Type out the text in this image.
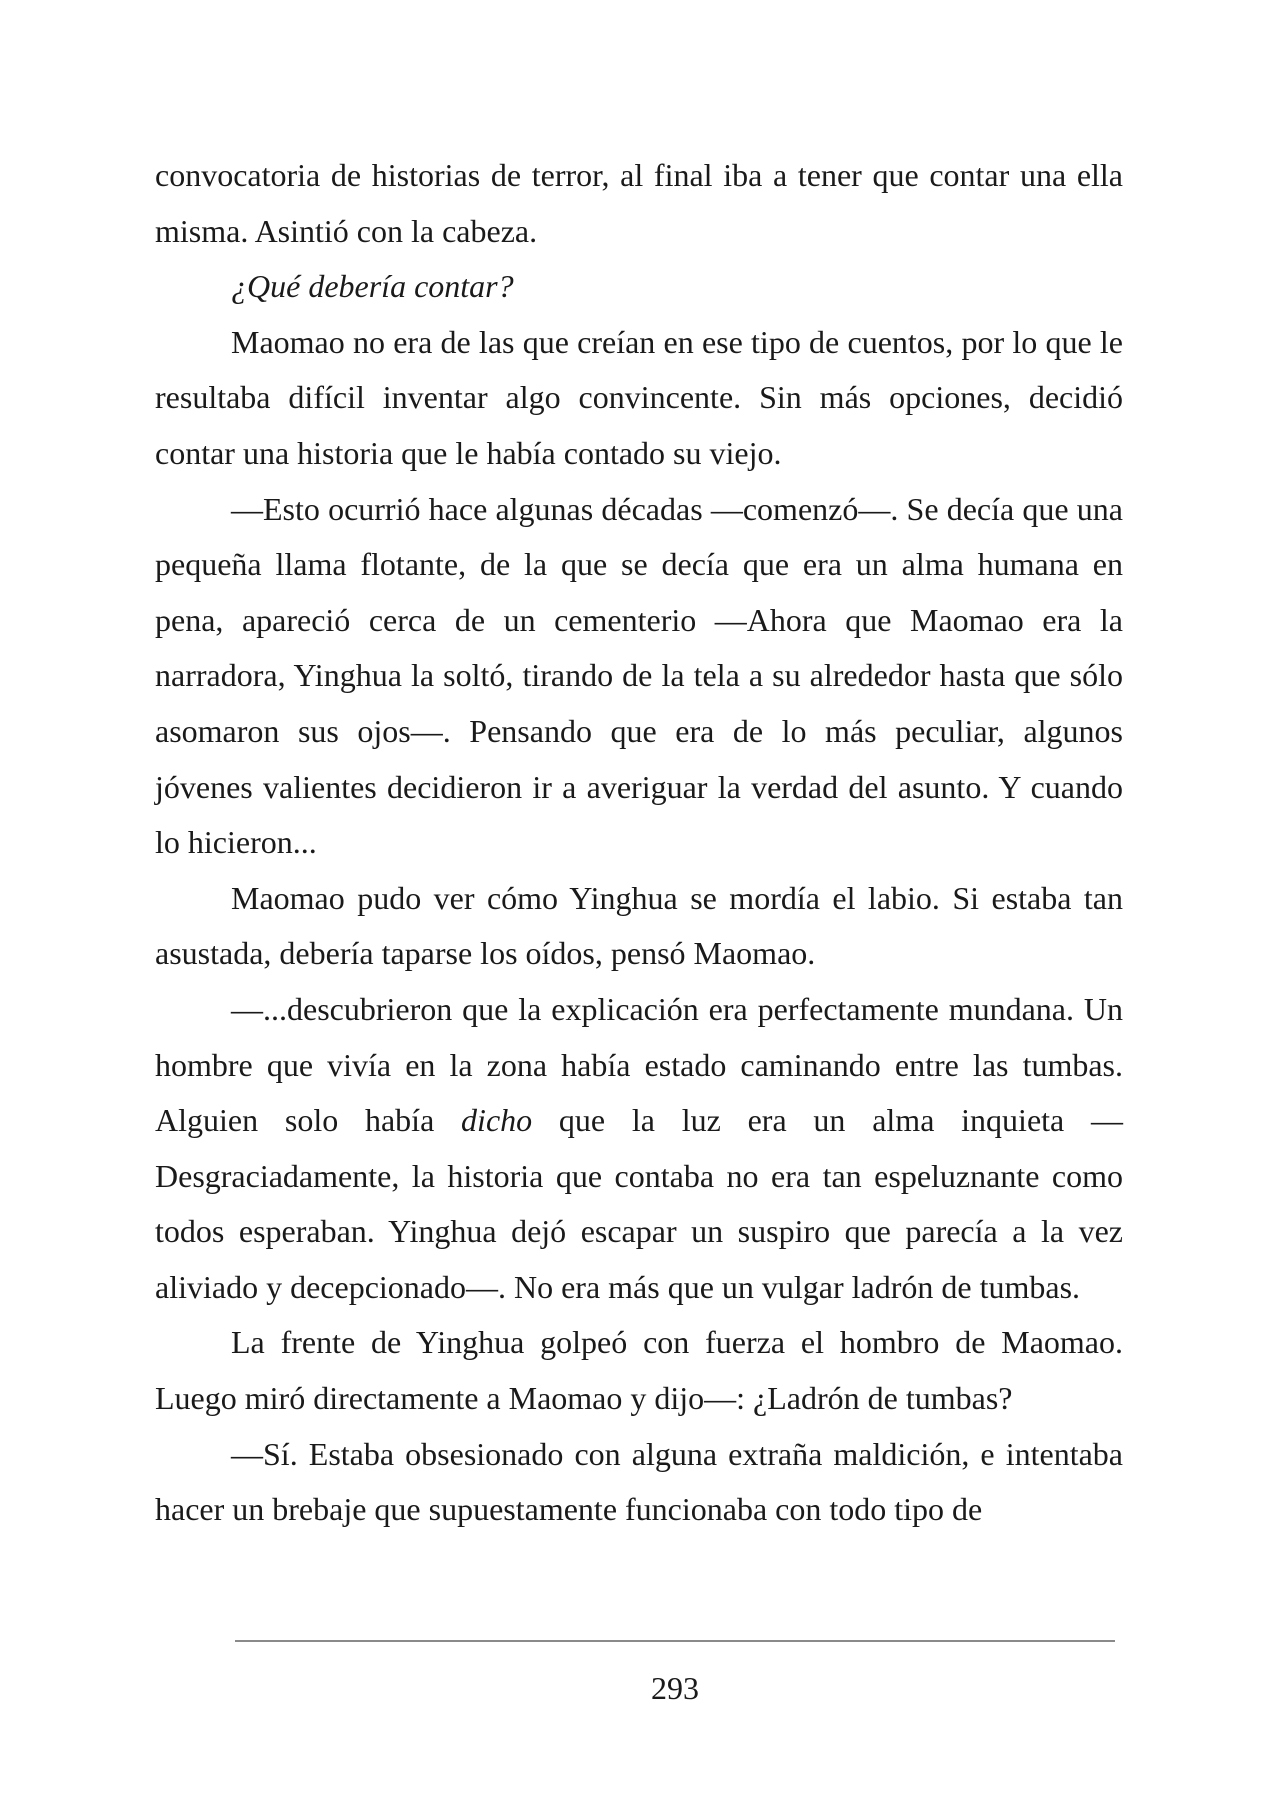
convocatoria de historias de terror, al final iba a tener que contar una ella misma. Asintió con la cabeza.

¿Qué debería contar?

Maomao no era de las que creían en ese tipo de cuentos, por lo que le resultaba difícil inventar algo convincente. Sin más opciones, decidió contar una historia que le había contado su viejo.

—Esto ocurrió hace algunas décadas —comenzó—. Se decía que una pequeña llama flotante, de la que se decía que era un alma humana en pena, apareció cerca de un cementerio —Ahora que Maomao era la narradora, Yinghua la soltó, tirando de la tela a su alrededor hasta que sólo asomaron sus ojos—. Pensando que era de lo más peculiar, algunos jóvenes valientes decidieron ir a averiguar la verdad del asunto. Y cuando lo hicieron...

Maomao pudo ver cómo Yinghua se mordía el labio. Si estaba tan asustada, debería taparse los oídos, pensó Maomao.

—...descubrieron que la explicación era perfectamente mundana. Un hombre que vivía en la zona había estado caminando entre las tumbas. Alguien solo había dicho que la luz era un alma inquieta —Desgraciadamente, la historia que contaba no era tan espeluznante como todos esperaban. Yinghua dejó escapar un suspiro que parecía a la vez aliviado y decepcionado—. No era más que un vulgar ladrón de tumbas.

La frente de Yinghua golpeó con fuerza el hombro de Maomao. Luego miró directamente a Maomao y dijo—: ¿Ladrón de tumbas?

—Sí. Estaba obsesionado con alguna extraña maldición, e intentaba hacer un brebaje que supuestamente funcionaba con todo tipo de

293
